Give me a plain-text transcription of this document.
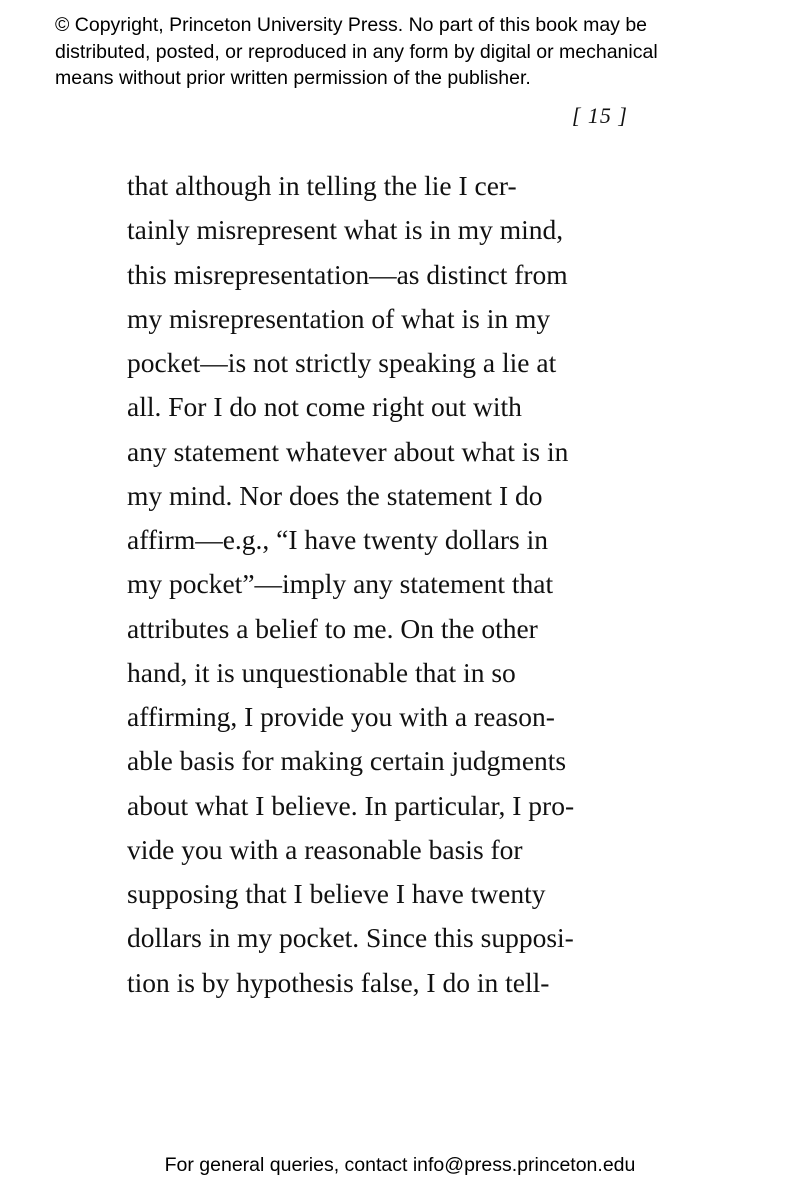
© Copyright, Princeton University Press. No part of this book may be
distributed, posted, or reproduced in any form by digital or mechanical
means without prior written permission of the publisher.
[ 15 ]
that although in telling the lie I cer-
tainly misrepresent what is in my mind,
this misrepresentation—as distinct from
my misrepresentation of what is in my
pocket—is not strictly speaking a lie at
all. For I do not come right out with
any statement whatever about what is in
my mind. Nor does the statement I do
affirm—e.g., “I have twenty dollars in
my pocket”—imply any statement that
attributes a belief to me. On the other
hand, it is unquestionable that in so
affirming, I provide you with a reason-
able basis for making certain judgments
about what I believe. In particular, I pro-
vide you with a reasonable basis for
supposing that I believe I have twenty
dollars in my pocket. Since this supposi-
tion is by hypothesis false, I do in tell-
For general queries, contact info@press.princeton.edu
